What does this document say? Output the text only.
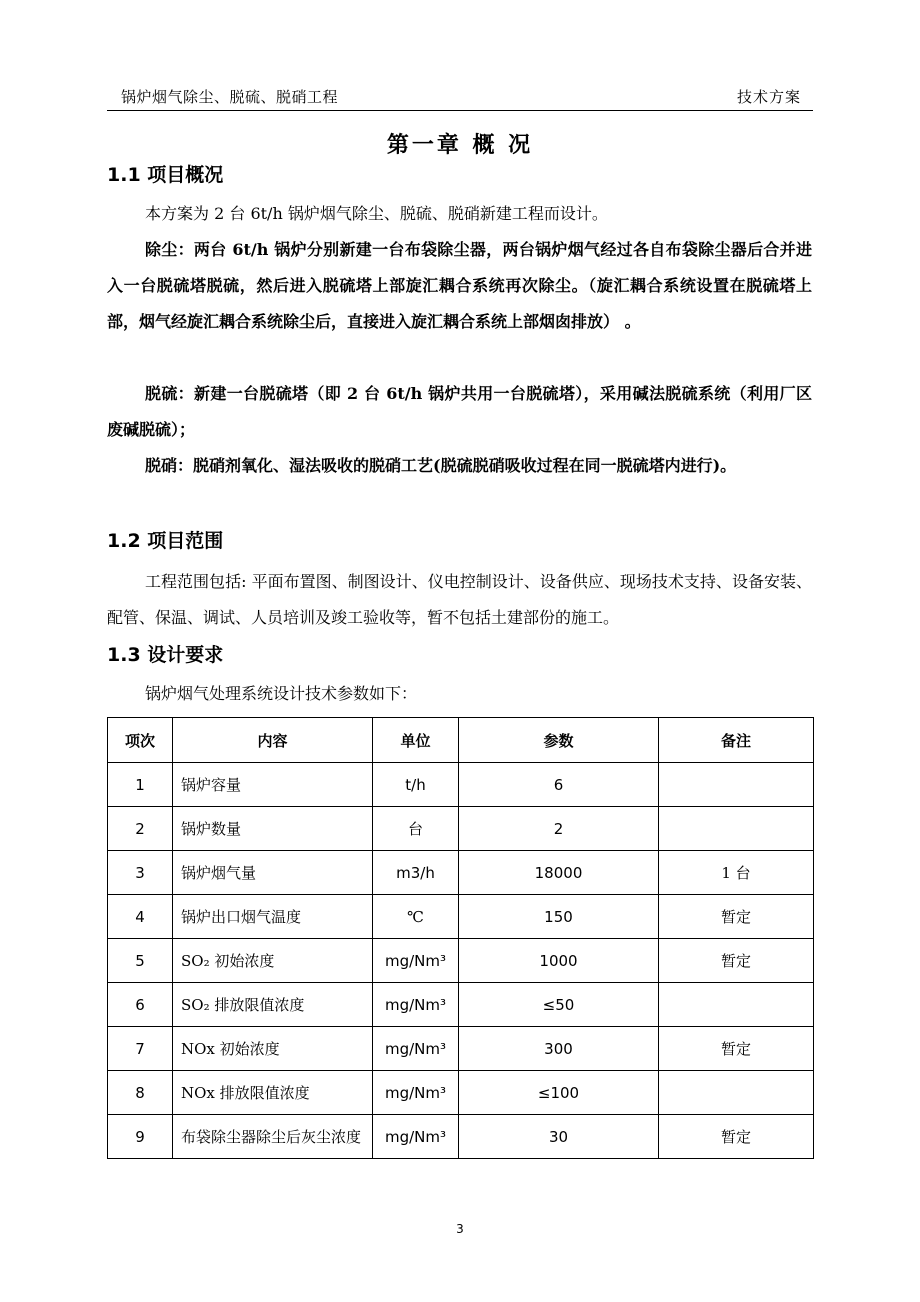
锅炉烟气除尘、脱硫、脱硝工程	技术方案
第一章 概 况
1.1 项目概况
本方案为 2 台 6t/h 锅炉烟气除尘、脱硫、脱硝新建工程而设计。
除尘：两台 6t/h 锅炉分别新建一台布袋除尘器，两台锅炉烟气经过各自布袋除尘器后合并进入一台脱硫塔脱硫，然后进入脱硫塔上部旋汇耦合系统再次除尘。（旋汇耦合系统设置在脱硫塔上部，烟气经旋汇耦合系统除尘后，直接进入旋汇耦合系统上部烟囱排放） 。
脱硫：新建一台脱硫塔（即 2 台 6t/h 锅炉共用一台脱硫塔），采用碱法脱硫系统（利用厂区废碱脱硫）；
脱硝：脱硝剂氧化、湿法吸收的脱硝工艺(脱硫脱硝吸收过程在同一脱硫塔内进行)。
1.2 项目范围
工程范围包括: 平面布置图、制图设计、仪电控制设计、设备供应、现场技术支持、设备安装、配管、保温、调试、人员培训及竣工验收等，暂不包括土建部份的施工。
1.3 设计要求
锅炉烟气处理系统设计技术参数如下：
项次	内容	单位	参数	备注
1	锅炉容量	t/h	6	
2	锅炉数量	台	2	
3	锅炉烟气量	m3/h	18000	1 台
4	锅炉出口烟气温度	℃	150	暂定
5	SO₂ 初始浓度	mg/Nm³	1000	暂定
6	SO₂ 排放限值浓度	mg/Nm³	≤50	
7	NOx 初始浓度	mg/Nm³	300	暂定
8	NOx 排放限值浓度	mg/Nm³	≤100	
9	布袋除尘器除尘后灰尘浓度	mg/Nm³	30	暂定
3
